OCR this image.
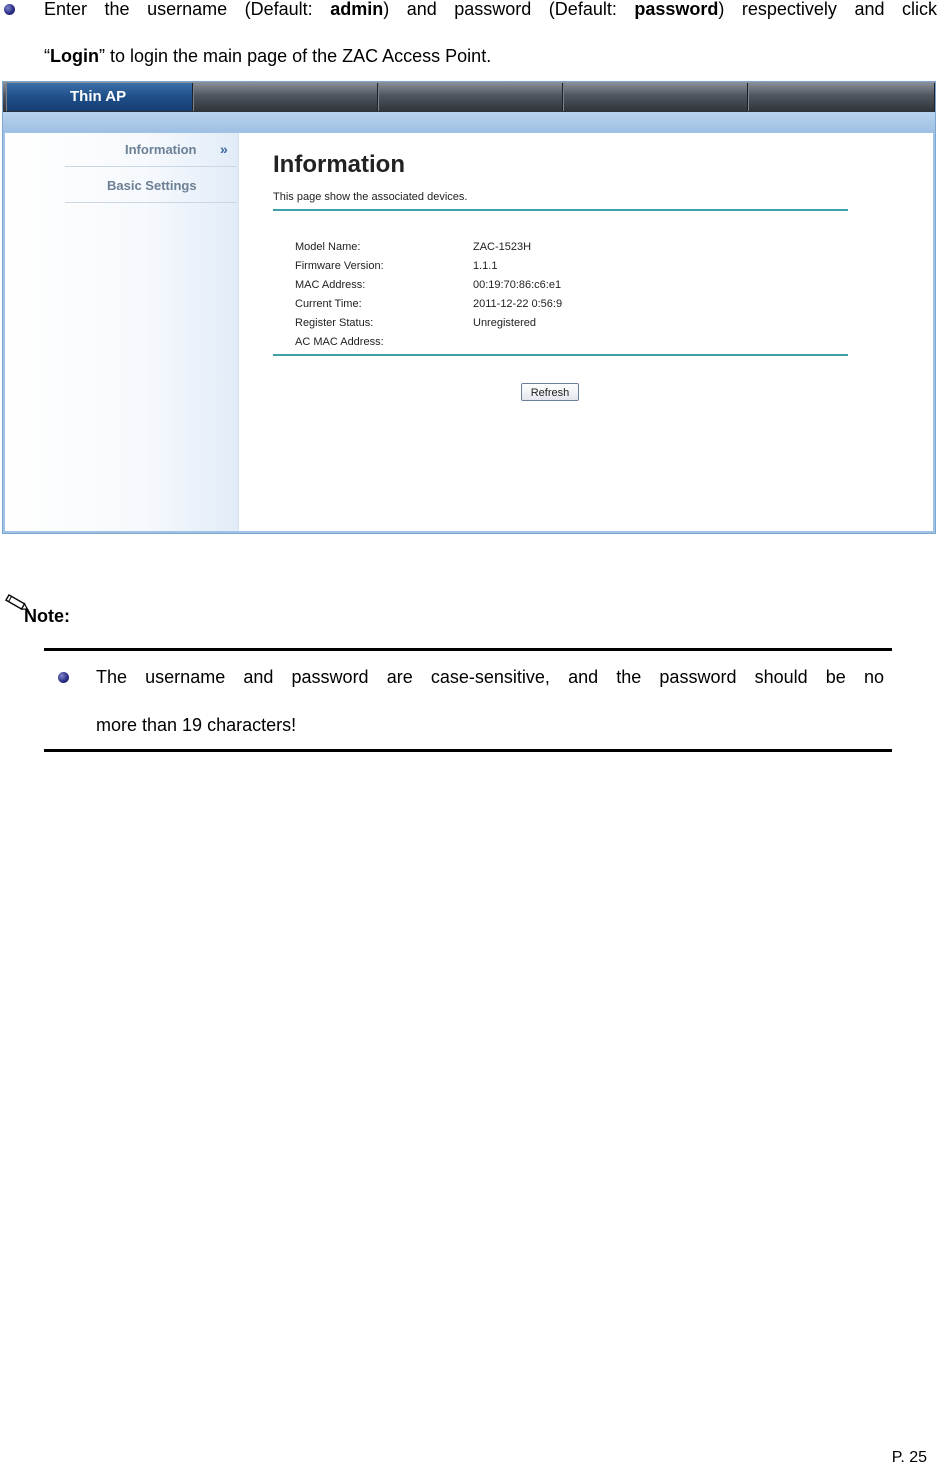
Enter the username (Default: admin) and password (Default: password) respectively and click
“Login” to login the main page of the ZAC Access Point.
Thin AP
Information »
Basic Settings
Information
This page show the associated devices.
Model Name:	ZAC-1523H
Firmware Version:	1.1.1
MAC Address:	00:19:70:86:c6:e1
Current Time:	2011-12-22 0:56:9
Register Status:	Unregistered
AC MAC Address:
Refresh
Note:
The username and password are case-sensitive, and the password should be no
more than 19 characters!
P. 25
